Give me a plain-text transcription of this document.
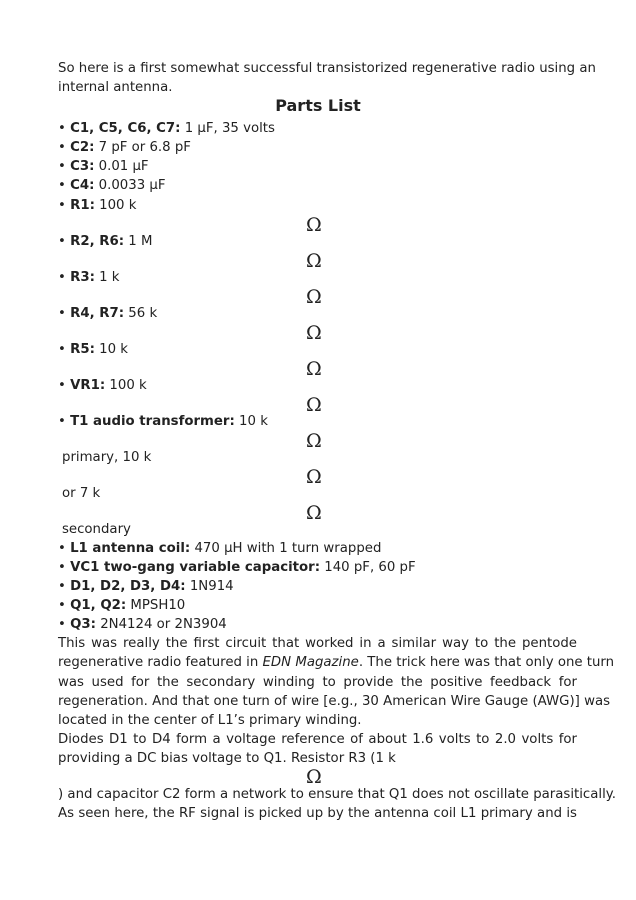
So here is a first somewhat successful transistorized regenerative radio using an
internal antenna.
Parts List
• C1, C5, C6, C7: 1 μF, 35 volts
• C2: 7 pF or 6.8 pF
• C3: 0.01 μF
• C4: 0.0033 μF
• R1: 100 k
Ω
• R2, R6: 1 M
Ω
• R3: 1 k
Ω
• R4, R7: 56 k
Ω
• R5: 10 k
Ω
• VR1: 100 k
Ω
• T1 audio transformer: 10 k
Ω
primary, 10 k
Ω
or 7 k
Ω
secondary
• L1 antenna coil: 470 μH with 1 turn wrapped
• VC1 two-gang variable capacitor: 140 pF, 60 pF
• D1, D2, D3, D4: 1N914
• Q1, Q2: MPSH10
• Q3: 2N4124 or 2N3904
This was really the first circuit that worked in a similar way to the pentode
regenerative radio featured in EDN Magazine. The trick here was that only one turn
was used for the secondary winding to provide the positive feedback for
regeneration. And that one turn of wire [e.g., 30 American Wire Gauge (AWG)] was
located in the center of L1’s primary winding.
Diodes D1 to D4 form a voltage reference of about 1.6 volts to 2.0 volts for
providing a DC bias voltage to Q1. Resistor R3 (1 k
Ω
) and capacitor C2 form a network to ensure that Q1 does not oscillate parasitically.
As seen here, the RF signal is picked up by the antenna coil L1 primary and is
